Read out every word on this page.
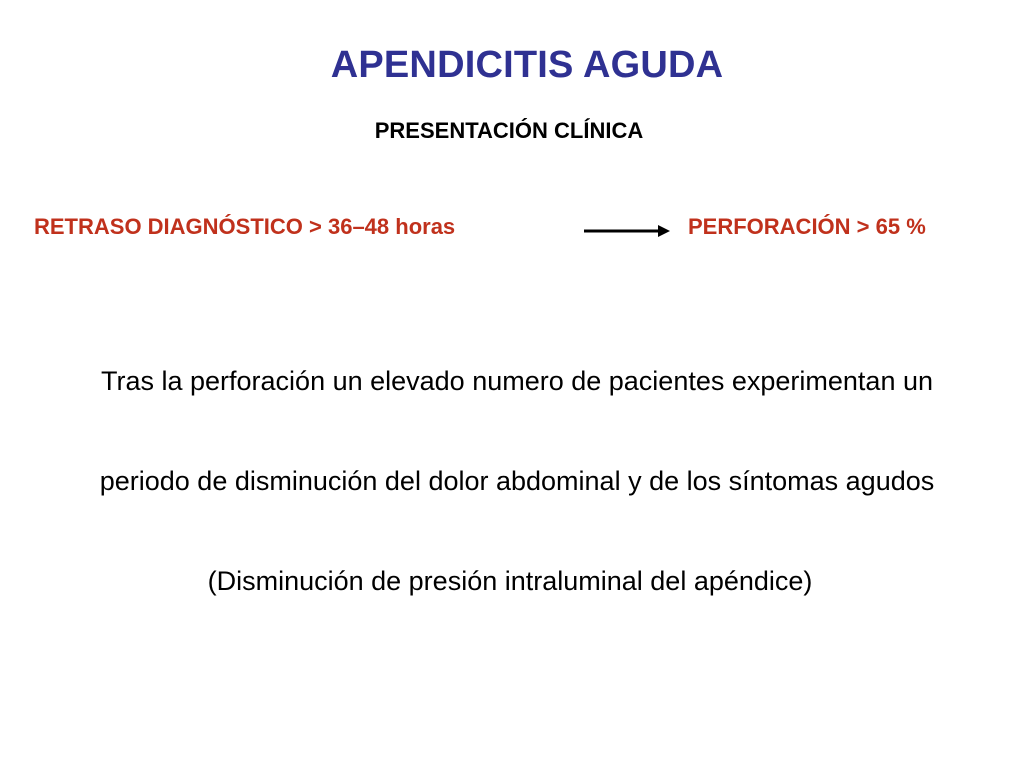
APENDICITIS AGUDA
PRESENTACIÓN CLÍNICA
RETRASO DIAGNÓSTICO > 36–48 horas	PERFORACIÓN > 65 %
Tras la perforación un elevado numero de pacientes experimentan un
periodo de disminución del dolor abdominal y de los síntomas agudos
(Disminución de presión intraluminal del apéndice)
